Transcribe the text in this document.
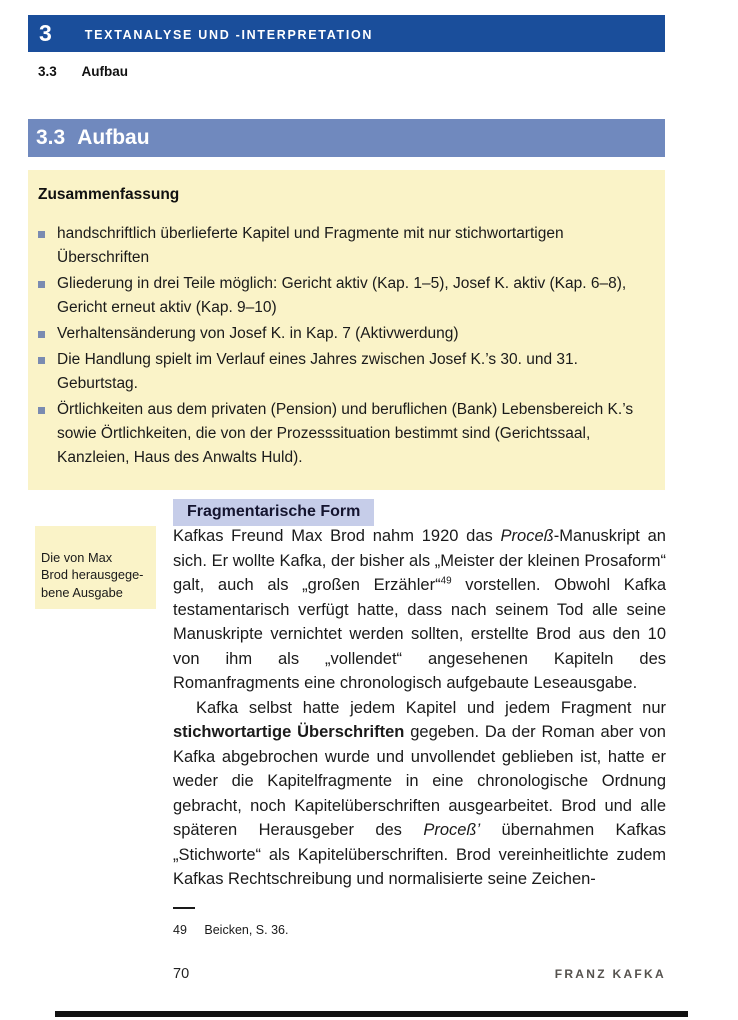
3	TEXTANALYSE UND -INTERPRETATION
3.3 Aufbau
3.3 Aufbau
Zusammenfassung
handschriftlich überlieferte Kapitel und Fragmente mit nur stichwortartigen Überschriften
Gliederung in drei Teile möglich: Gericht aktiv (Kap. 1–5), Josef K. aktiv (Kap. 6–8), Gericht erneut aktiv (Kap. 9–10)
Verhaltensänderung von Josef K. in Kap. 7 (Aktivwerdung)
Die Handlung spielt im Verlauf eines Jahres zwischen Josef K.’s 30. und 31. Geburtstag.
Örtlichkeiten aus dem privaten (Pension) und beruflichen (Bank) Lebensbereich K.’s sowie Örtlichkeiten, die von der Prozesssituation bestimmt sind (Gerichtssaal, Kanzleien, Haus des Anwalts Huld).
Fragmentarische Form

Die von Max
Brod herausgege-
bene Ausgabe

Kafkas Freund Max Brod nahm 1920 das Proceß-Manuskript an sich. Er wollte Kafka, der bisher als „Meister der kleinen Prosaform“ galt, auch als „großen Erzähler“$^{49}$ vorstellen. Obwohl Kafka testamentarisch verfügt hatte, dass nach seinem Tod alle seine Manuskripte vernichtet werden sollten, erstellte Brod aus den 10 von ihm als „vollendet“ angesehenen Kapiteln des Romanfragments eine chronologisch aufgebaute Leseausgabe.

Kafka selbst hatte jedem Kapitel und jedem Fragment nur stichwortartige Überschriften gegeben. Da der Roman aber von Kafka abgebrochen wurde und unvollendet geblieben ist, hatte er weder die Kapitelfragmente in eine chronologische Ordnung gebracht, noch Kapitelüberschriften ausgearbeitet. Brod und alle späteren Herausgeber des Proceß’ übernahmen Kafkas „Stichworte“ als Kapitelüberschriften. Brod vereinheitlichte zudem Kafkas Rechtschreibung und normalisierte seine Zeichen-

49 Beicken, S. 36.
70	FRANZ KAFKA
